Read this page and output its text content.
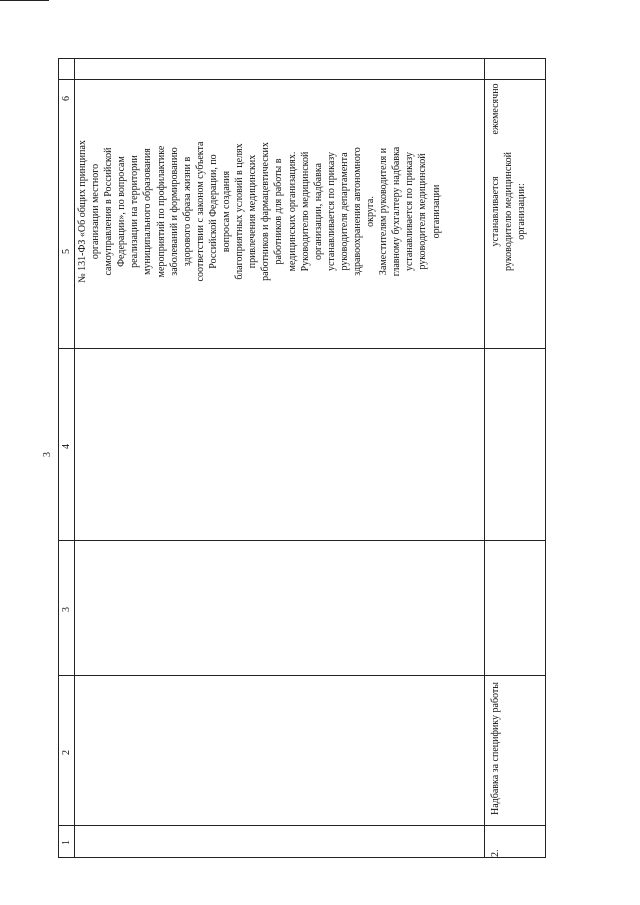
3
1
2
3
4
5
6
2.
Надбавка за специфику работы
№ 131-ФЗ «Об общих принципах организации местного самоуправления в Российской Федерации», по вопросам реализации на территории муниципального образования мероприятий по профилактике заболеваний и формированию здорового образа жизни в соответствии с законом субъекта Российской Федерации, по вопросам создания благоприятных условий в целях привлечения медицинских работников и фармацевтических работников для работы в медицинских организациях. Руководителю медицинской организации, надбавка устанавливается по приказу руководителя департамента здравоохранения автономного округа. Заместителям руководителя и главному бухгалтеру надбавка устанавливается по приказу руководителя медицинской организации	устанавливается руководителю медицинской организации:
ежемесячно
